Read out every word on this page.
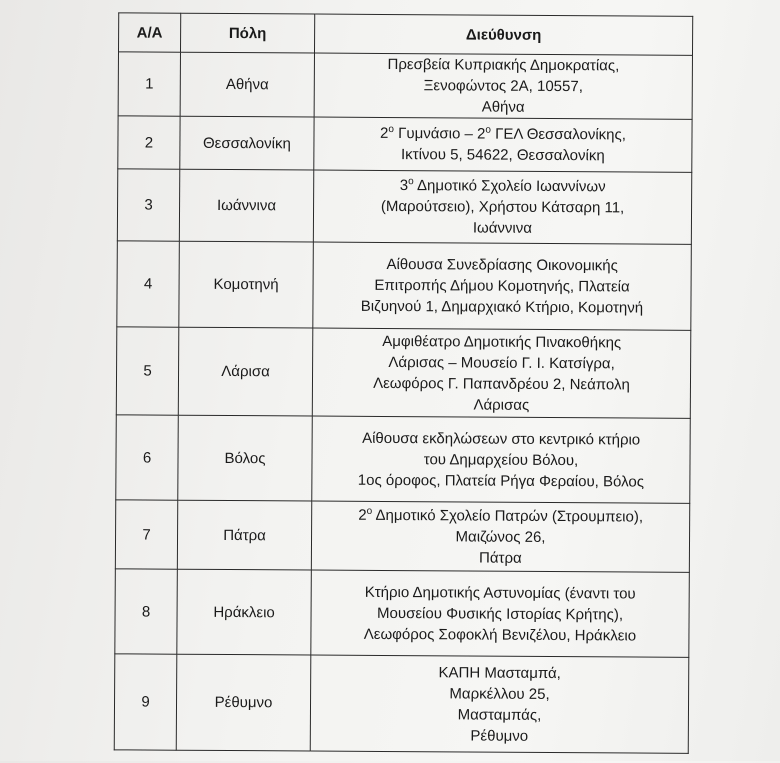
Α/Α	Πόλη	Διεύθυνση
1	Αθήνα	Πρεσβεία Κυπριακής Δημοκρατίας,
Ξενοφώντος 2Α, 10557,
Αθήνα

2	Θεσσαλονίκη	$2^o$ Γυμνάσιο – $2^o$ ΓΕΛ Θεσσαλονίκης,
Ικτίνου 5, 54622, Θεσσαλονίκη

3	Ιωάννινα	$3^o$ Δημοτικό Σχολείο Ιωαννίνων
(Μαρούτσειο), Χρήστου Κάτσαρη 11,
Ιωάννινα

4	Κομοτηνή	Αίθουσα Συνεδρίασης Οικονομικής
Επιτροπής Δήμου Κομοτηνής, Πλατεία
Βιζυηνού 1, Δημαρχιακό Κτήριο, Κομοτηνή

5	Λάρισα	Αμφιθέατρο Δημοτικής Πινακοθήκης
Λάρισας – Μουσείο Γ. Ι. Κατσίγρα,
Λεωφόρος Γ. Παπανδρέου 2, Νεάπολη
Λάρισας

6	Βόλος	Αίθουσα εκδηλώσεων στο κεντρικό κτήριο
του Δημαρχείου Βόλου,
1ος όροφος, Πλατεία Ρήγα Φεραίου, Βόλος

7	Πάτρα	$2^o$ Δημοτικό Σχολείο Πατρών (Στρουμπειο),
Μαιζώνος 26,
Πάτρα

8	Ηράκλειο	Κτήριο Δημοτικής Αστυνομίας (έναντι του
Μουσείου Φυσικής Ιστορίας Κρήτης),
Λεωφόρος Σοφοκλή Βενιζέλου, Ηράκλειο

9	Ρέθυμνο	ΚΑΠΗ Μασταμπά,
Μαρκέλλου 25,
Μασταμπάς,
Ρέθυμνο
